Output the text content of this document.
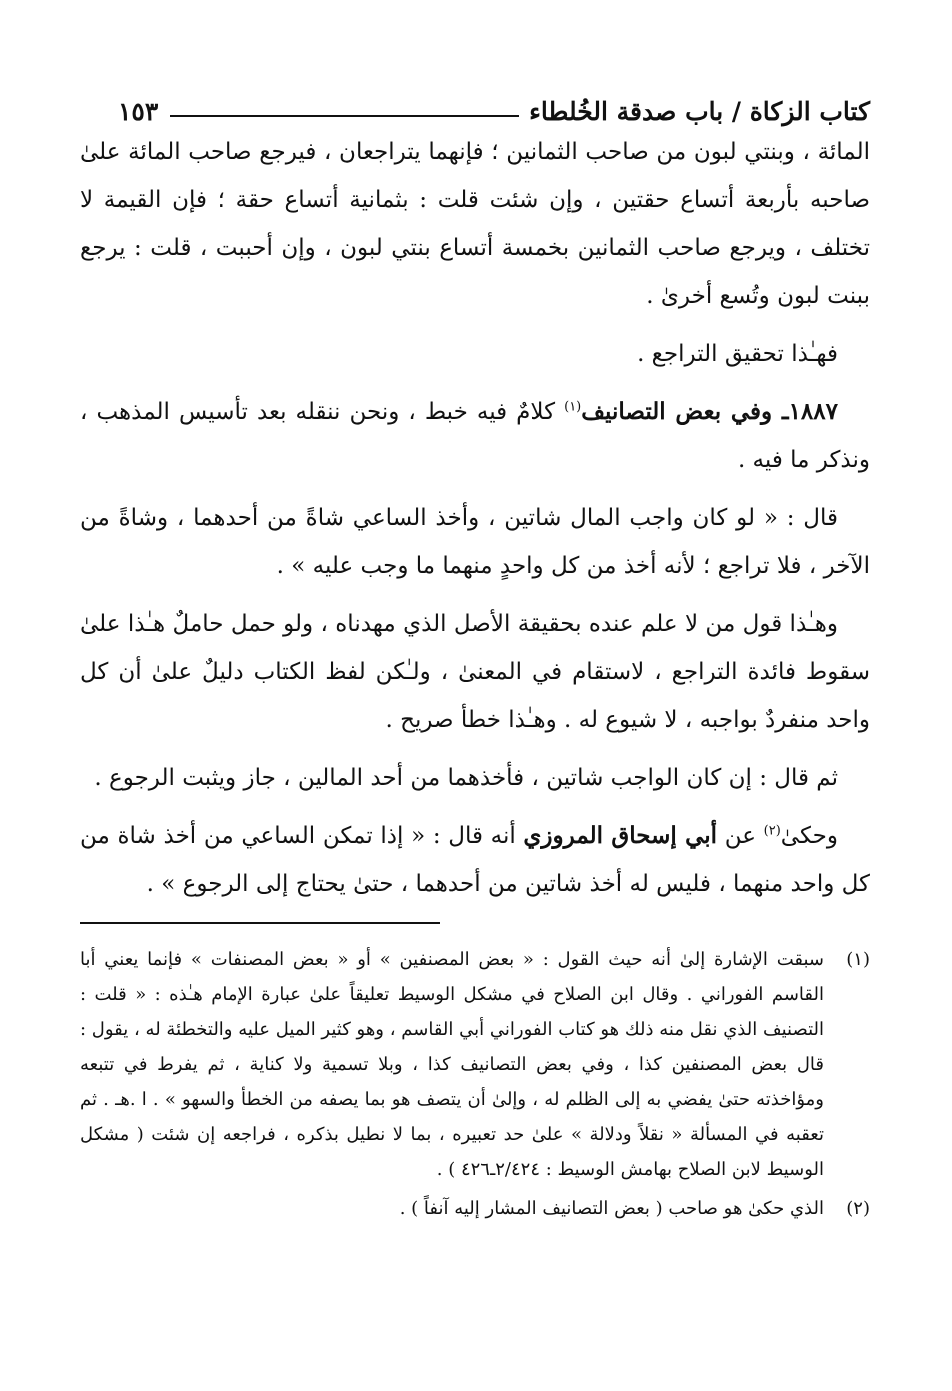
كتاب الزكاة / باب صدقة الخُلطاء
١٥٣

المائة ، وبنتي لبون من صاحب الثمانين ؛ فإنهما يتراجعان ، فيرجع صاحب المائة علىٰ صاحبه بأربعة أتساع حقتين ، وإن شئت قلت : بثمانية أتساع حقة ؛ فإن القيمة لا تختلف ، ويرجع صاحب الثمانين بخمسة أتساع بنتي لبون ، وإن أحببت ، قلت : يرجع ببنت لبون وتُسع أخرىٰ .

فهـٰذا تحقيق التراجع .

١٨٨٧ـ وفي بعض التصانيف$^{(١)}$ كلامٌ فيه خبط ، ونحن ننقله بعد تأسيس المذهب ، ونذكر ما فيه .

قال : « لو كان واجب المال شاتين ، وأخذ الساعي شاةً من أحدهما ، وشاةً من الآخر ، فلا تراجع ؛ لأنه أخذ من كل واحدٍ منهما ما وجب عليه » .

وهـٰذا قول من لا علم عنده بحقيقة الأصل الذي مهدناه ، ولو حمل حاملٌ هـٰذا علىٰ سقوط فائدة التراجع ، لاستقام في المعنىٰ ، ولـٰكن لفظ الكتاب دليلٌ علىٰ أن كل واحد منفردٌ بواجبه ، لا شيوع له . وهـٰذا خطأ صريح .

ثم قال : إن كان الواجب شاتين ، فأخذهما من أحد المالين ، جاز ويثبت الرجوع .

وحكىٰ$^{(٢)}$ عن أبي إسحاق المروزي أنه قال : « إذا تمكن الساعي من أخذ شاة من كل واحد منهما ، فليس له أخذ شاتين من أحدهما ، حتىٰ يحتاج إلى الرجوع » .

(١)
سبقت الإشارة إلىٰ أنه حيث القول : « بعض المصنفين » أو « بعض المصنفات » فإنما يعني أبا القاسم الفوراني . وقال ابن الصلاح في مشكل الوسيط تعليقاً علىٰ عبارة الإمام هـٰذه : « قلت : التصنيف الذي نقل منه ذلك هو كتاب الفوراني أبي القاسم ، وهو كثير الميل عليه والتخطئة له ، يقول : قال بعض المصنفين كذا ، وفي بعض التصانيف كذا ، وبلا تسمية ولا كناية ، ثم يفرط في تتبعه ومؤاخذته حتىٰ يفضي به إلى الظلم له ، وإلىٰ أن يتصف هو بما يصفه من الخطأ والسهو » . ا .هـ . ثم تعقبه في المسألة « نقلاً ودلالة » علىٰ حد تعبيره ، بما لا نطيل بذكره ، فراجعه إن شئت ( مشكل الوسيط لابن الصلاح بهامش الوسيط : ٢/٤٢٤ـ٤٢٦ ) .
(٢)
الذي حكىٰ هو صاحب ( بعض التصانيف المشار إليه آنفاً ) .
